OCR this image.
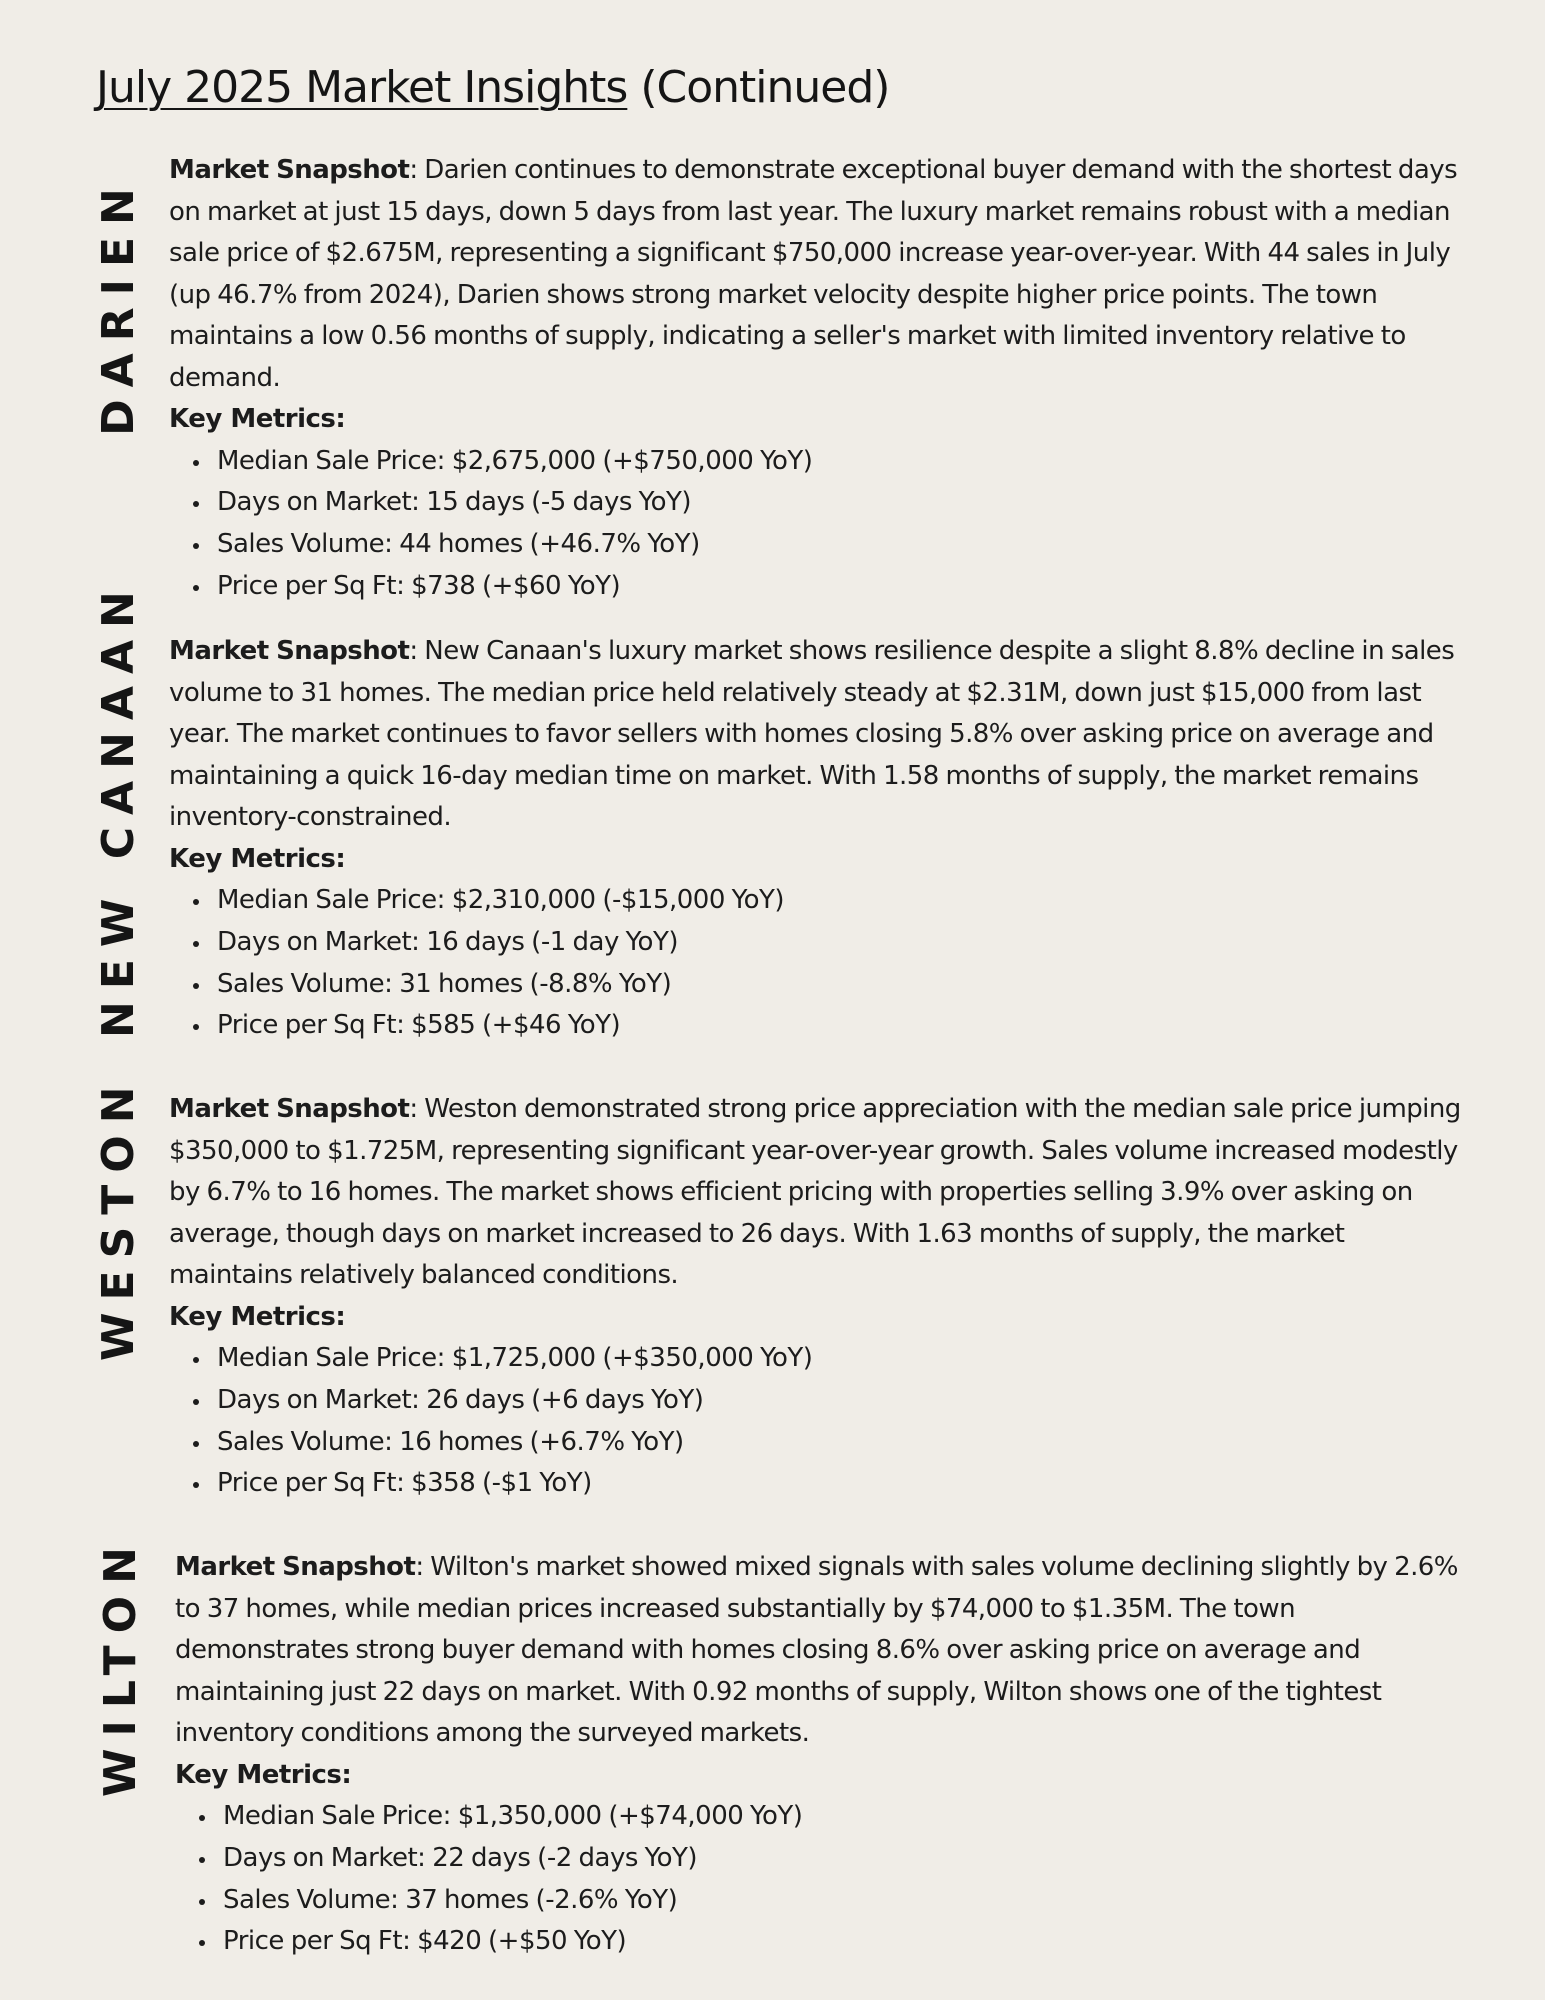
July 2025 Market Insights (Continued)
DARIEN

Market Snapshot: Darien continues to demonstrate exceptional buyer demand with the shortest days on market at just 15 days, down 5 days from last year. The luxury market remains robust with a median sale price of $2.675M, representing a significant $750,000 increase year-over-year. With 44 sales in July (up 46.7% from 2024), Darien shows strong market velocity despite higher price points. The town maintains a low 0.56 months of supply, indicating a seller's market with limited inventory relative to demand.

Key Metrics:

Median Sale Price: $2,675,000 (+$750,000 YoY)
Days on Market: 15 days (-5 days YoY)
Sales Volume: 44 homes (+46.7% YoY)
Price per Sq Ft: $738 (+$60 YoY)
NEW CANAAN Market Snapshot: New Canaan's luxury market shows resilience despite a slight 8.8% decline in sales volume to 31 homes. The median price held relatively steady at $2.31M, down just $15,000 from last year. The market continues to favor sellers with homes closing 5.8% over asking price on average and maintaining a quick 16-day median time on market. With 1.58 months of supply, the market remains inventory-constrained.

Key Metrics:

Median Sale Price: $2,310,000 (-$15,000 YoY)
Days on Market: 16 days (-1 day YoY)
Sales Volume: 31 homes (-8.8% YoY)
Price per Sq Ft: $585 (+$46 YoY)
WESTON Market Snapshot: Weston demonstrated strong price appreciation with the median sale price jumping $350,000 to $1.725M, representing significant year-over-year growth. Sales volume increased modestly by 6.7% to 16 homes. The market shows efficient pricing with properties selling 3.9% over asking on average, though days on market increased to 26 days. With 1.63 months of supply, the market maintains relatively balanced conditions.

Key Metrics:

Median Sale Price: $1,725,000 (+$350,000 YoY)
Days on Market: 26 days (+6 days YoY)
Sales Volume: 16 homes (+6.7% YoY)
Price per Sq Ft: $358 (-$1 YoY)
WILTON Market Snapshot: Wilton's market showed mixed signals with sales volume declining slightly by 2.6% to 37 homes, while median prices increased substantially by $74,000 to $1.35M. The town demonstrates strong buyer demand with homes closing 8.6% over asking price on average and maintaining just 22 days on market. With 0.92 months of supply, Wilton shows one of the tightest inventory conditions among the surveyed markets.

Key Metrics:

Median Sale Price: $1,350,000 (+$74,000 YoY)
Days on Market: 22 days (-2 days YoY)
Sales Volume: 37 homes (-2.6% YoY)
Price per Sq Ft: $420 (+$50 YoY)
